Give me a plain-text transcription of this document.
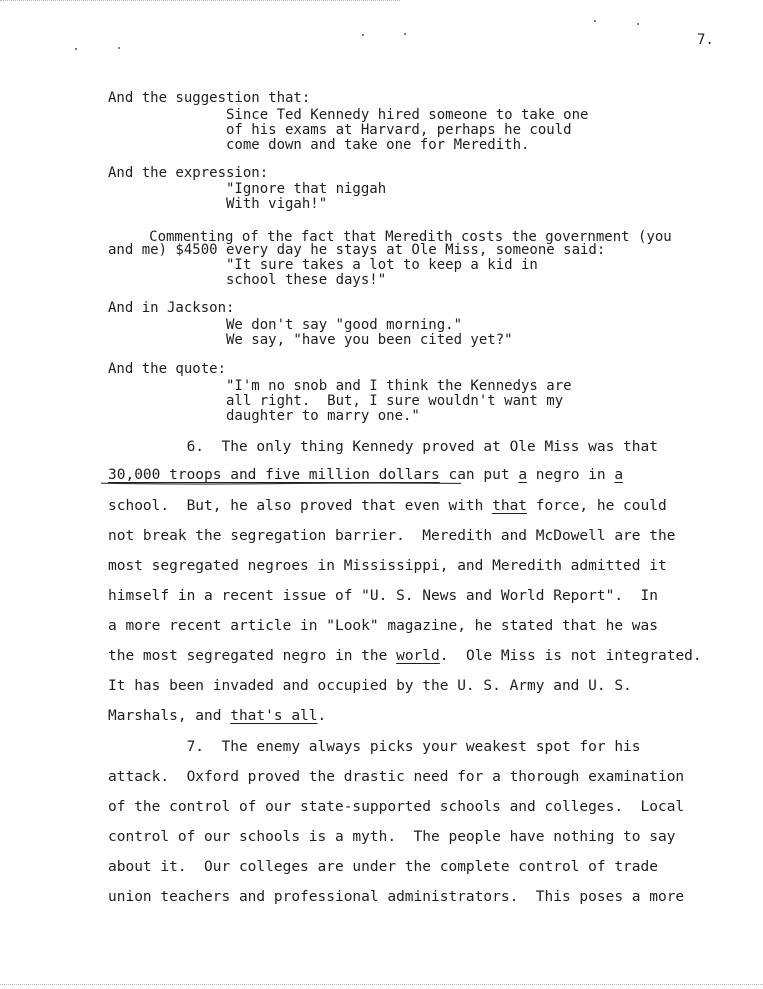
7.
And the suggestion that:
Since Ted Kennedy hired someone to take one
of his exams at Harvard, perhaps he could
come down and take one for Meredith.
And the expression:
"Ignore that niggah
With vigah!"
Commenting of the fact that Meredith costs the government (you
and me) $4500 every day he stays at Ole Miss, someone said:
"It sure takes a lot to keep a kid in
school these days!"
And in Jackson:
We don't say "good morning."
We say, "have you been cited yet?"
And the quote:
"I'm no snob and I think the Kennedys are
all right.  But, I sure wouldn't want my
daughter to marry one."
6.  The only thing Kennedy proved at Ole Miss was that
30,000 troops and five million dollars can put a negro in a
school.  But, he also proved that even with that force, he could
not break the segregation barrier.  Meredith and McDowell are the
most segregated negroes in Mississippi, and Meredith admitted it
himself in a recent issue of "U. S. News and World Report".  In
a more recent article in "Look" magazine, he stated that he was
the most segregated negro in the world.  Ole Miss is not integrated.
It has been invaded and occupied by the U. S. Army and U. S.
Marshals, and that's all.
7.  The enemy always picks your weakest spot for his
attack.  Oxford proved the drastic need for a thorough examination
of the control of our state-supported schools and colleges.  Local
control of our schools is a myth.  The people have nothing to say
about it.  Our colleges are under the complete control of trade
union teachers and professional administrators.  This poses a more
